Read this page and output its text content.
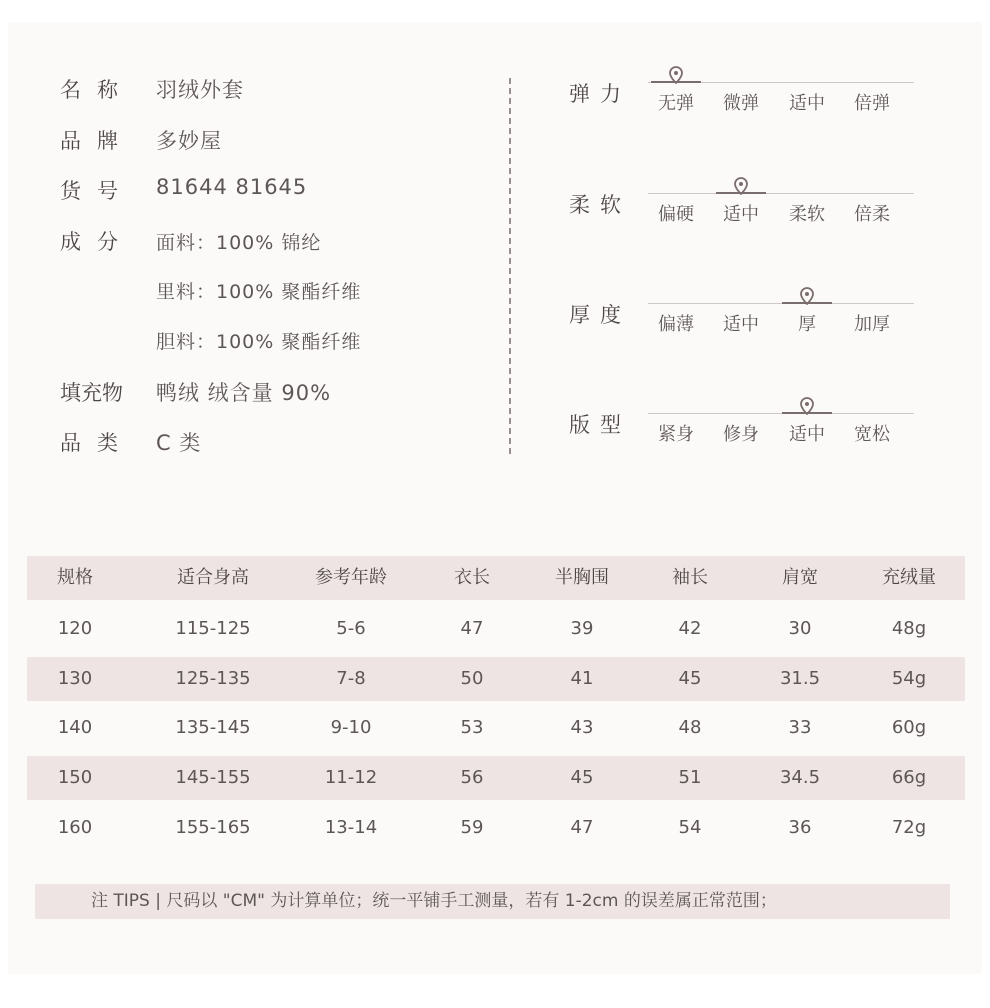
名称 羽绒外套
品牌 多妙屋
货号 81644 81645
成分 面料：100% 锦纶
里料：100% 聚酯纤维
胆料：100% 聚酯纤维
填充物 鸭绒 绒含量 90%
品类 C 类
弹力	无弹	微弹	适中	倍弹
柔软	偏硬	适中	柔软	倍柔
厚度	偏薄	适中	厚	加厚
版型	紧身	修身	适中	宽松
规格	适合身高	参考年龄	衣长	半胸围	袖长	肩宽	充绒量
120	115-125	5-6	47	39	42	30	48g
130	125-135	7-8	50	41	45	31.5	54g
140	135-145	9-10	53	43	48	33	60g
150	145-155	11-12	56	45	51	34.5	66g
160	155-165	13-14	59	47	54	36	72g
注 TIPS | 尺码以 "CM" 为计算单位；统一平铺手工测量，若有 1-2cm 的误差属正常范围；
